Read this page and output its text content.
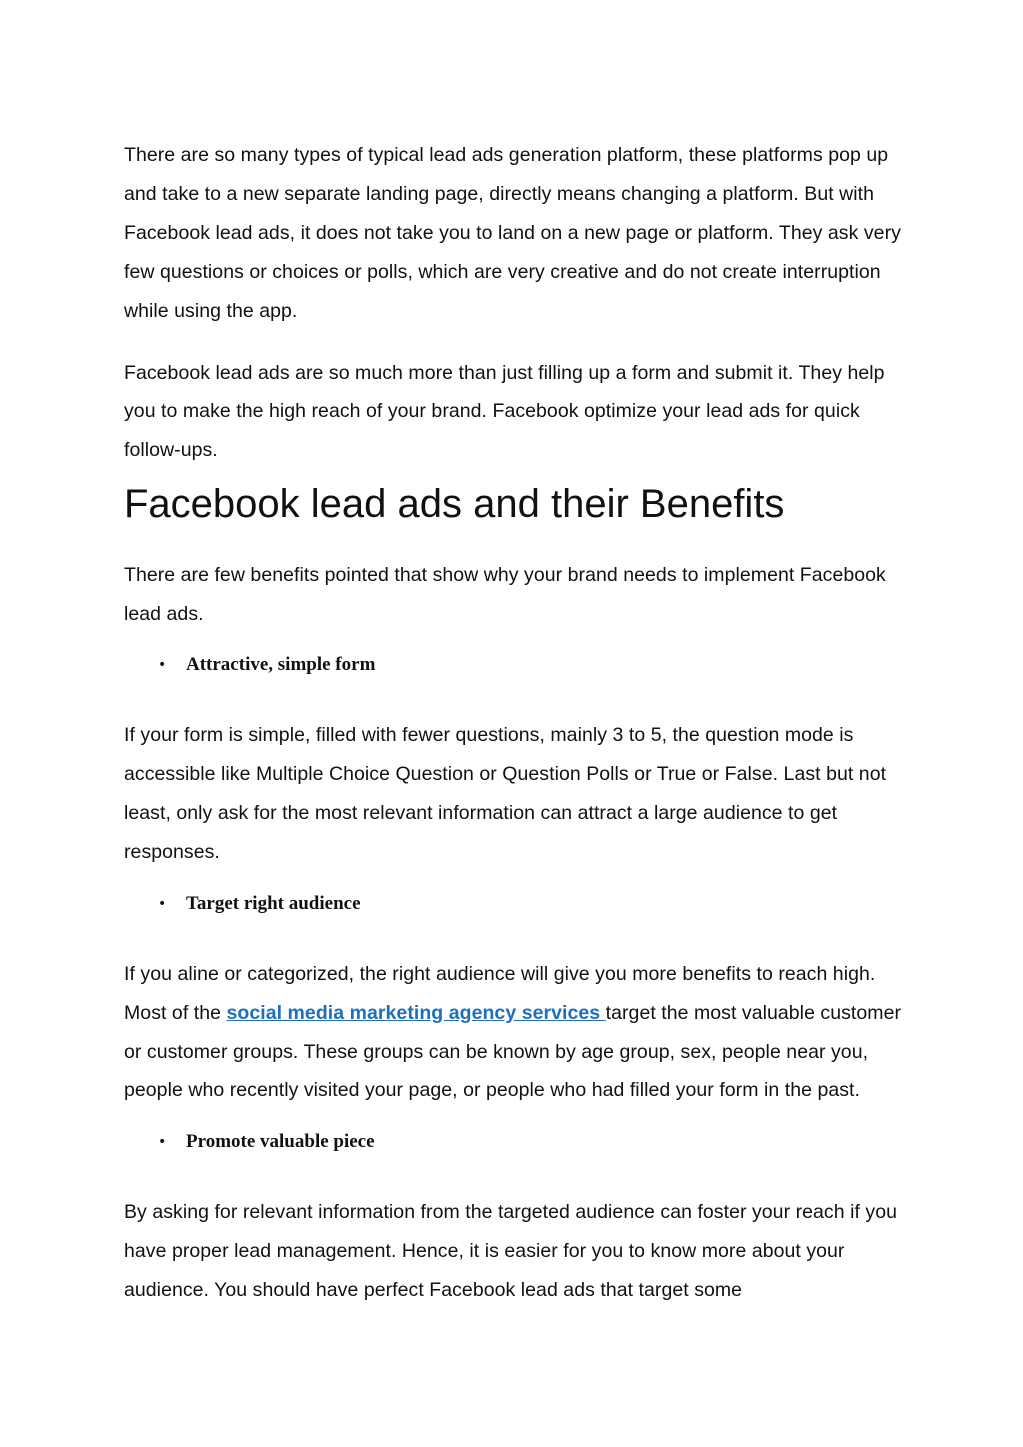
There are so many types of typical lead ads generation platform, these platforms pop up and take to a new separate landing page, directly means changing a platform. But with Facebook lead ads, it does not take you to land on a new page or platform. They ask very few questions or choices or polls, which are very creative and do not create interruption while using the app.

Facebook lead ads are so much more than just filling up a form and submit it. They help you to make the high reach of your brand. Facebook optimize your lead ads for quick follow-ups.

Facebook lead ads and their Benefits

There are few benefits pointed that show why your brand needs to implement Facebook lead ads.

• Attractive, simple form

If your form is simple, filled with fewer questions, mainly 3 to 5, the question mode is accessible like Multiple Choice Question or Question Polls or True or False. Last but not least, only ask for the most relevant information can attract a large audience to get responses.

• Target right audience

If you aline or categorized, the right audience will give you more benefits to reach high. Most of the social media marketing agency services target the most valuable customer or customer groups. These groups can be known by age group, sex, people near you, people who recently visited your page, or people who had filled your form in the past.

• Promote valuable piece

By asking for relevant information from the targeted audience can foster your reach if you have proper lead management. Hence, it is easier for you to know more about your audience. You should have perfect Facebook lead ads that target some
